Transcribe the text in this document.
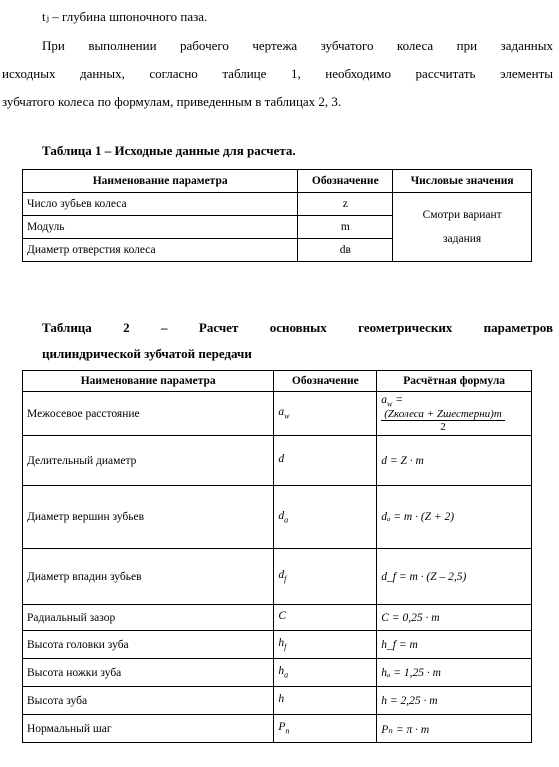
tⱼ – глубина шпоночного паза.
При выполнении рабочего чертежа зубчатого колеса при заданных
исходных данных, согласно таблице 1, необходимо рассчитать элементы
зубчатого колеса по формулам, приведенным в таблицах 2, 3.
Таблица 1 – Исходные данные для расчета.
Наименование параметра	Обозначение	Числовые значения
Число зубьев колеса	z	Смотри вариант
задания

Модуль	m	
Диаметр отверстия колеса	dв	
Таблица 2 – Расчет основных геометрических параметров
цилиндрической зубчатой передачи
Наименование параметра	Обозначение	Расчётная формула
Межосевое расстояние	$a_w$	$a_w$ =
$\frac{\text{(Zколеса + Zшестерни)m}}{2}$

Делительный диаметр	d	d = Z · m
Диаметр вершин зубьев	$d_a$	dₐ = m · (Z + 2)
Диаметр впадин зубьев	$d_f$	d_f = m · (Z – 2,5)
Радиальный зазор	C	C = 0,25 · m
Высота головки зуба	$h_f$	h_f = m
Высота ножки зуба	$h_a$	hₐ = 1,25 · m
Высота зуба	h	h = 2,25 · m
Нормальный шаг	$P_n$	Pₙ = π · m
